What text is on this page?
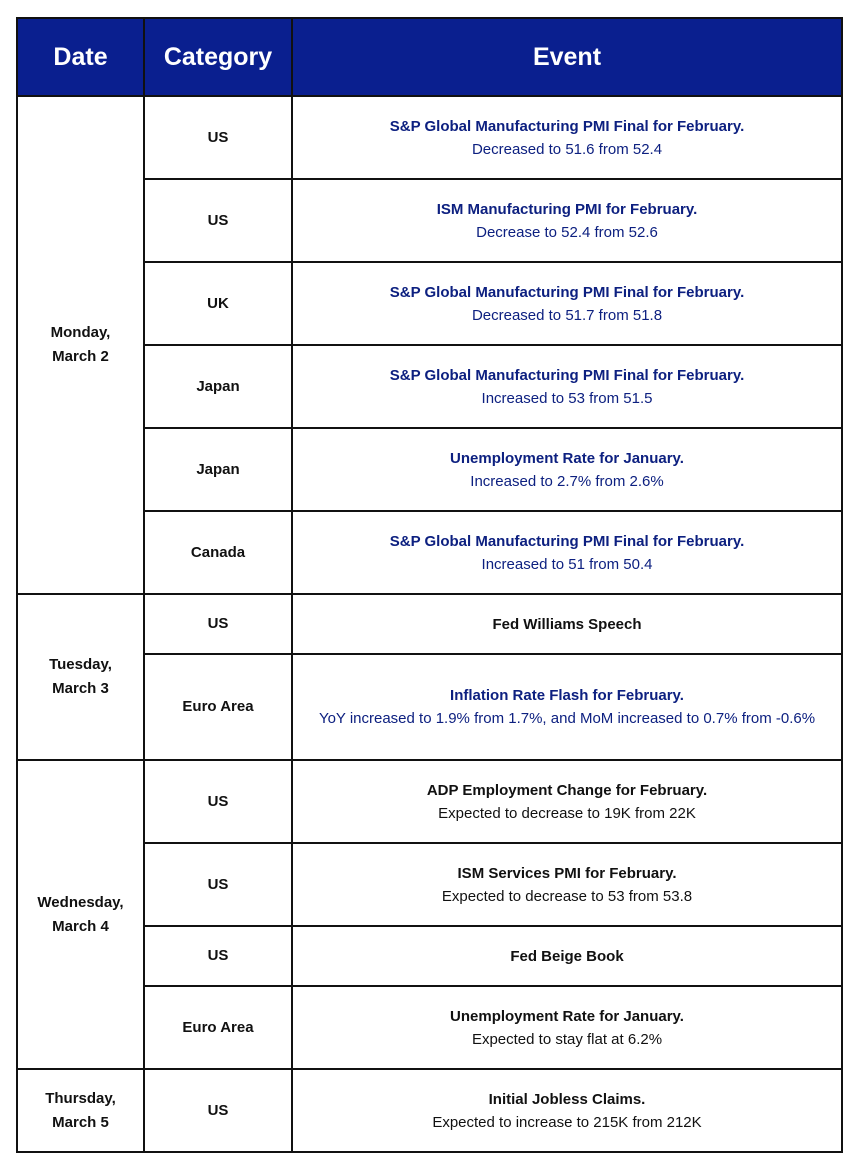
Date	Category	Event
Monday,
March 2	US	S&P Global Manufacturing PMI Final for February.
Decreased to 51.6 from 52.4

	US	ISM Manufacturing PMI for February.
Decrease to 52.4 from 52.6

	UK	S&P Global Manufacturing PMI Final for February.
Decreased to 51.7 from 51.8

	Japan	S&P Global Manufacturing PMI Final for February.
Increased to 53 from 51.5

	Japan	Unemployment Rate for January.
Increased to 2.7% from 2.6%

	Canada	S&P Global Manufacturing PMI Final for February.
Increased to 51 from 50.4

Tuesday,
March 3	US	Fed Williams Speech

	Euro Area	Inflation Rate Flash for February.
YoY increased to 1.9% from 1.7%, and MoM increased to 0.7% from -0.6%

Wednesday,
March 4	US	ADP Employment Change for February.
Expected to decrease to 19K from 22K

	US	ISM Services PMI for February.
Expected to decrease to 53 from 53.8

	US	Fed Beige Book

	Euro Area	Unemployment Rate for January.
Expected to stay flat at 6.2%

Thursday,
March 5	US	Initial Jobless Claims.
Expected to increase to 215K from 212K
